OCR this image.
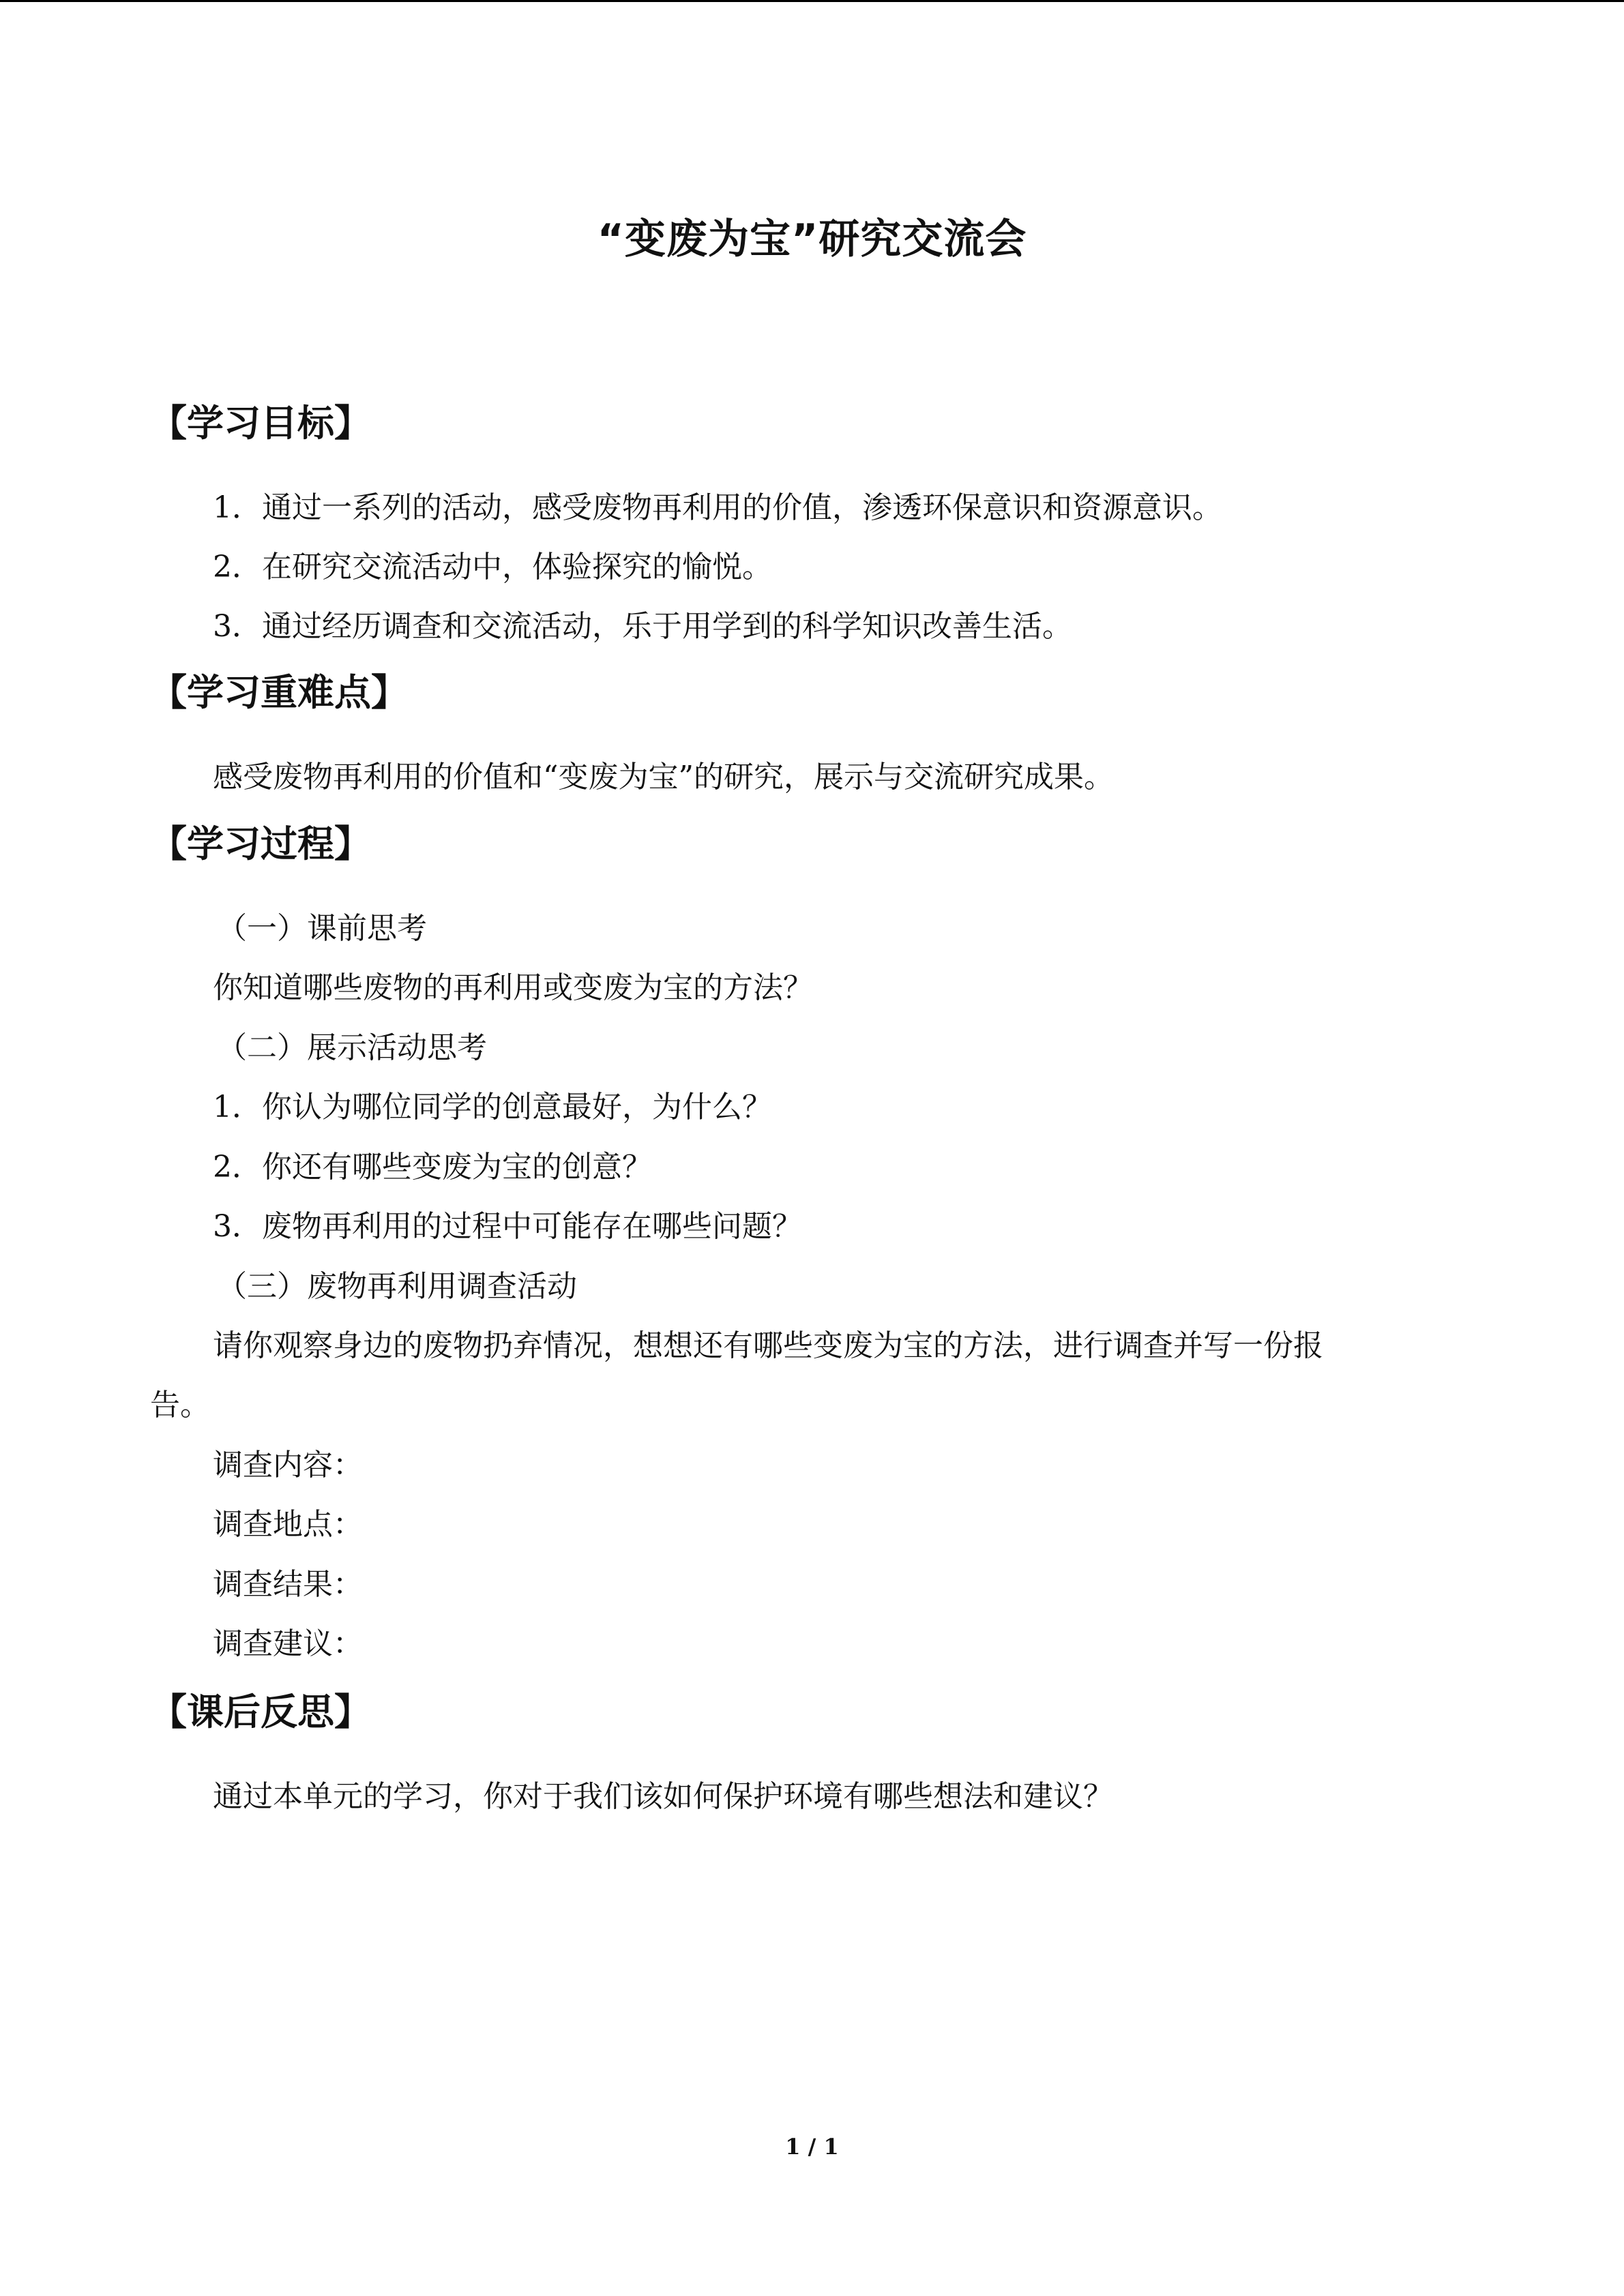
“变废为宝”研究交流会
【学习目标】
1．通过一系列的活动，感受废物再利用的价值，渗透环保意识和资源意识。
2．在研究交流活动中，体验探究的愉悦。
3．通过经历调查和交流活动，乐于用学到的科学知识改善生活。
【学习重难点】
感受废物再利用的价值和“变废为宝”的研究，展示与交流研究成果。
【学习过程】
（一）课前思考
你知道哪些废物的再利用或变废为宝的方法？
（二）展示活动思考
1．你认为哪位同学的创意最好，为什么？
2．你还有哪些变废为宝的创意？
3．废物再利用的过程中可能存在哪些问题？
（三）废物再利用调查活动
请你观察身边的废物扔弃情况，想想还有哪些变废为宝的方法，进行调查并写一份报
告。
调查内容：
调查地点：
调查结果：
调查建议：
【课后反思】
通过本单元的学习，你对于我们该如何保护环境有哪些想法和建议？
1 / 1
